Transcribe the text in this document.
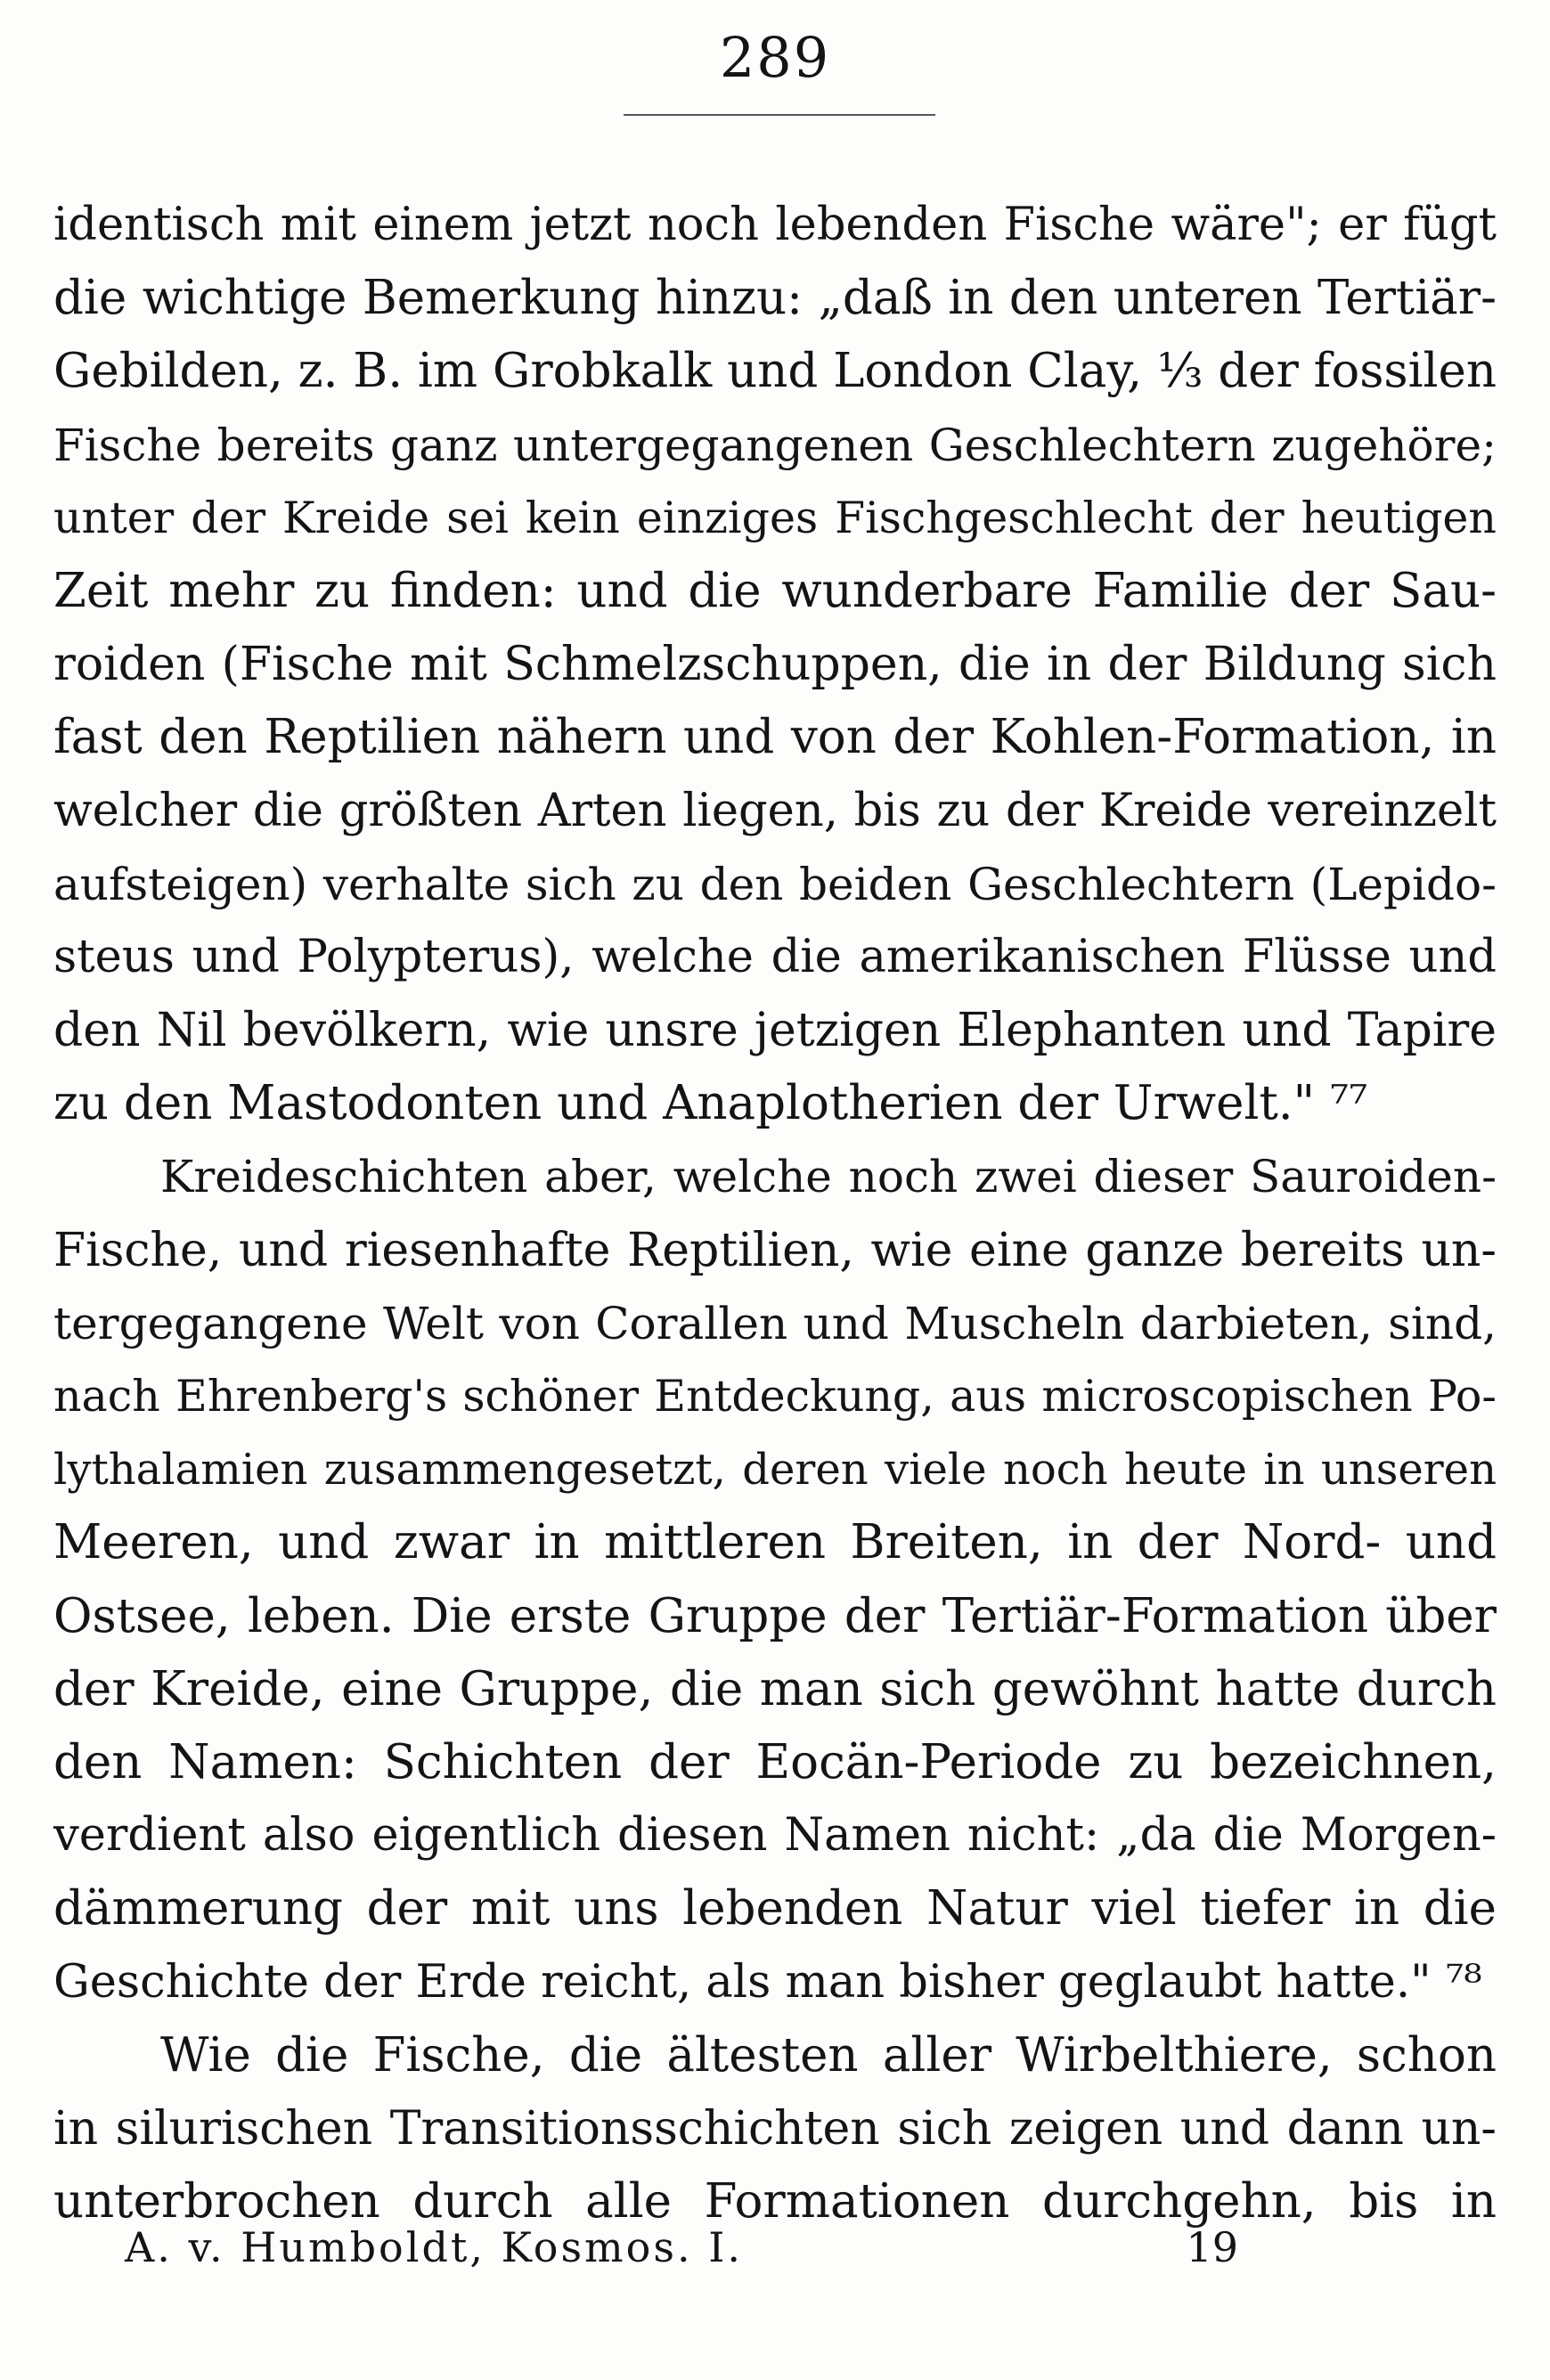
289
identisch mit einem jetzt noch lebenden Fische wäre"; er fügt
die wichtige Bemerkung hinzu: „daß in den unteren Tertiär-
Gebilden, z. B. im Grobkalk und London Clay, ⅓ der fossilen
Fische bereits ganz untergegangenen Geschlechtern zugehöre;
unter der Kreide sei kein einziges Fischgeschlecht der heutigen
Zeit mehr zu finden: und die wunderbare Familie der Sau-
roiden (Fische mit Schmelzschuppen, die in der Bildung sich
fast den Reptilien nähern und von der Kohlen-Formation, in
welcher die größten Arten liegen, bis zu der Kreide vereinzelt
aufsteigen) verhalte sich zu den beiden Geschlechtern (Lepido-
steus und Polypterus), welche die amerikanischen Flüsse und
den Nil bevölkern, wie unsre jetzigen Elephanten und Tapire
zu den Mastodonten und Anaplotherien der Urwelt." ⁷⁷
Kreideschichten aber, welche noch zwei dieser Sauroiden-
Fische, und riesenhafte Reptilien, wie eine ganze bereits un-
tergegangene Welt von Corallen und Muscheln darbieten, sind,
nach Ehrenberg's schöner Entdeckung, aus microscopischen Po-
lythalamien zusammengesetzt, deren viele noch heute in unseren
Meeren, und zwar in mittleren Breiten, in der Nord- und
Ostsee, leben. Die erste Gruppe der Tertiär-Formation über
der Kreide, eine Gruppe, die man sich gewöhnt hatte durch
den Namen: Schichten der Eocän-Periode zu bezeichnen,
verdient also eigentlich diesen Namen nicht: „da die Morgen-
dämmerung der mit uns lebenden Natur viel tiefer in die
Geschichte der Erde reicht, als man bisher geglaubt hatte." ⁷⁸
Wie die Fische, die ältesten aller Wirbelthiere, schon
in silurischen Transitionsschichten sich zeigen und dann un-
unterbrochen durch alle Formationen durchgehn, bis in
A. v. Humboldt, Kosmos. I.	19
